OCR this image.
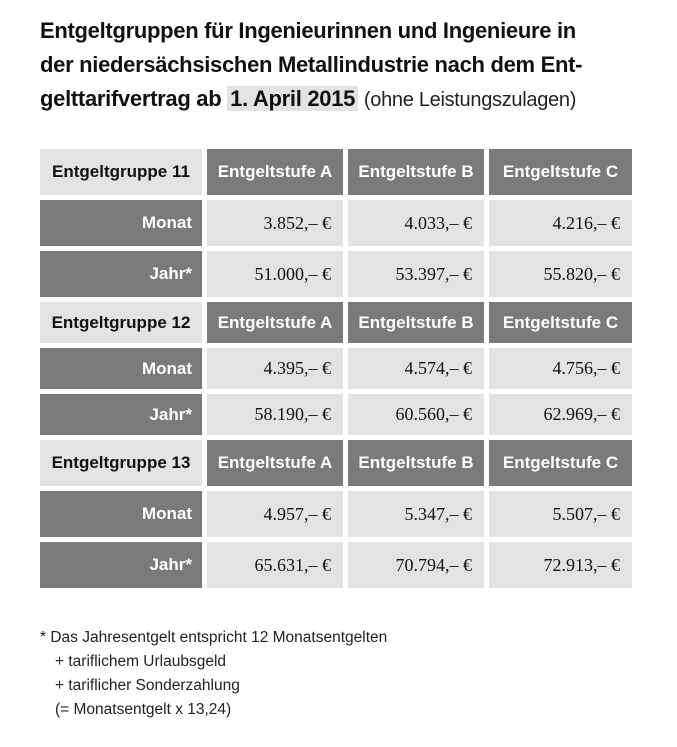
Entgeltgruppen für Ingenieurinnen und Ingenieure in
der niedersächsischen Metallindustrie nach dem Ent-
gelttarifvertrag ab 1. April 2015 (ohne Leistungszulagen)
Entgeltgruppe 11	Entgeltstufe A	Entgeltstufe B	Entgeltstufe C
Monat	3.852,– €	4.033,– €	4.216,– €
Jahr*	51.000,– €	53.397,– €	55.820,– €
Entgeltgruppe 12	Entgeltstufe A	Entgeltstufe B	Entgeltstufe C
Monat	4.395,– €	4.574,– €	4.756,– €
Jahr*	58.190,– €	60.560,– €	62.969,– €
Entgeltgruppe 13	Entgeltstufe A	Entgeltstufe B	Entgeltstufe C
Monat	4.957,– €	5.347,– €	5.507,– €
Jahr*	65.631,– €	70.794,– €	72.913,– €
* Das Jahresentgelt entspricht 12 Monatsentgelten
+ tariflichem Urlaubsgeld
+ tariflicher Sonderzahlung
(= Monatsentgelt x 13,24)
